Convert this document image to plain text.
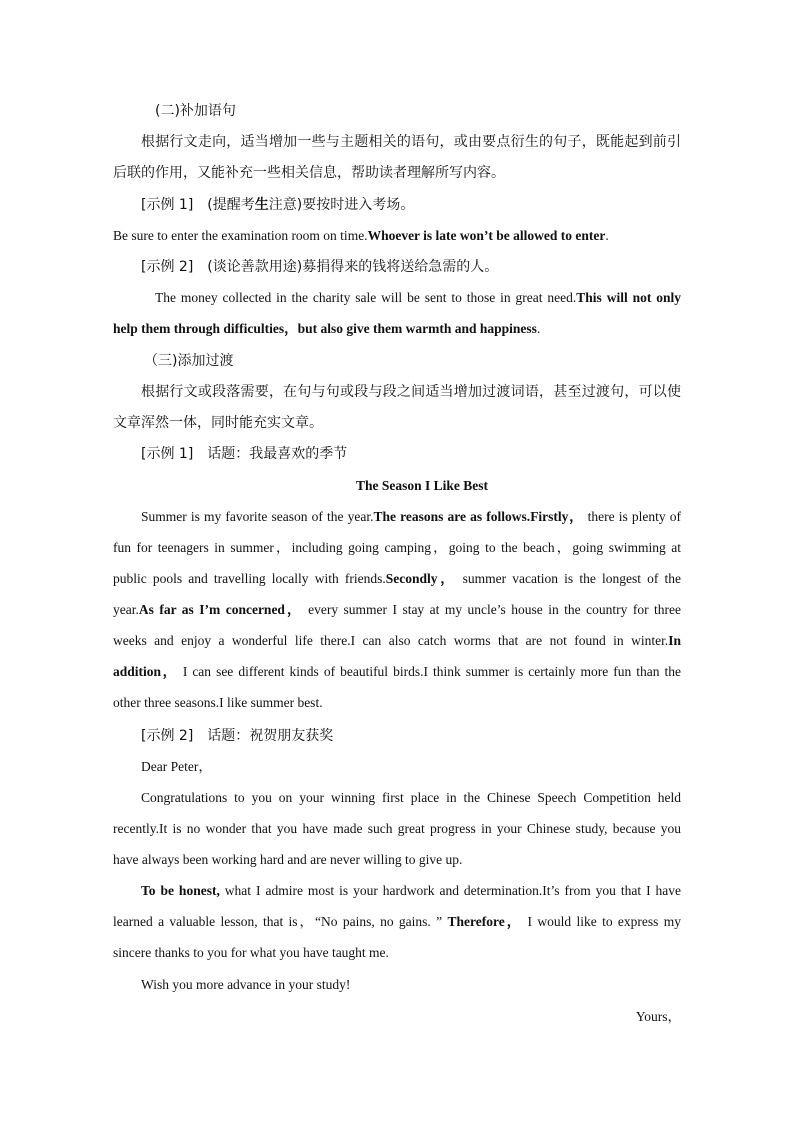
(二)补加语句
根据行文走向，适当增加一些与主题相关的语句，或由要点衍生的句子，既能起到前引
后联的作用，又能补充一些相关信息，帮助读者理解所写内容。
[示例 1]　(提醒考生注意)要按时进入考场。
Be sure to enter the examination room on time.Whoever is late won’t be allowed to enter.
[示例 2]　(谈论善款用途)募捐得来的钱将送给急需的人。
The money collected in the charity sale will be sent to those in great need.This will not only
help them through difficulties，but also give them warmth and happiness.
（三)添加过渡
根据行文或段落需要，在句与句或段与段之间适当增加过渡词语，甚至过渡句，可以使
文章浑然一体，同时能充实文章。
[示例 1]　话题：我最喜欢的季节
The Season I Like Best
Summer is my favorite season of the year.The reasons are as follows.Firstly， there is plenty of
fun for teenagers in summer，including going camping，going to the beach，going swimming at
public pools and travelling locally with friends.Secondly， summer vacation is the longest of the
year.As far as I’m concerned， every summer I stay at my uncle’s house in the country for three
weeks and enjoy a wonderful life there.I can also catch worms that are not found in winter.In
addition， I can see different kinds of beautiful birds.I think summer is certainly more fun than the
other three seasons.I like summer best.
[示例 2]　话题：祝贺朋友获奖
Dear Peter，
Congratulations to you on your winning first place in the Chinese Speech Competition held
recently.It is no wonder that you have made such great progress in your Chinese study, because you
have always been working hard and are never willing to give up.
To be honest, what I admire most is your hardwork and determination.It’s from you that I have
learned a valuable lesson, that is，“No pains, no gains. ” Therefore， I would like to express my
sincere thanks to you for what you have taught me.
Wish you more advance in your study!
Yours，
